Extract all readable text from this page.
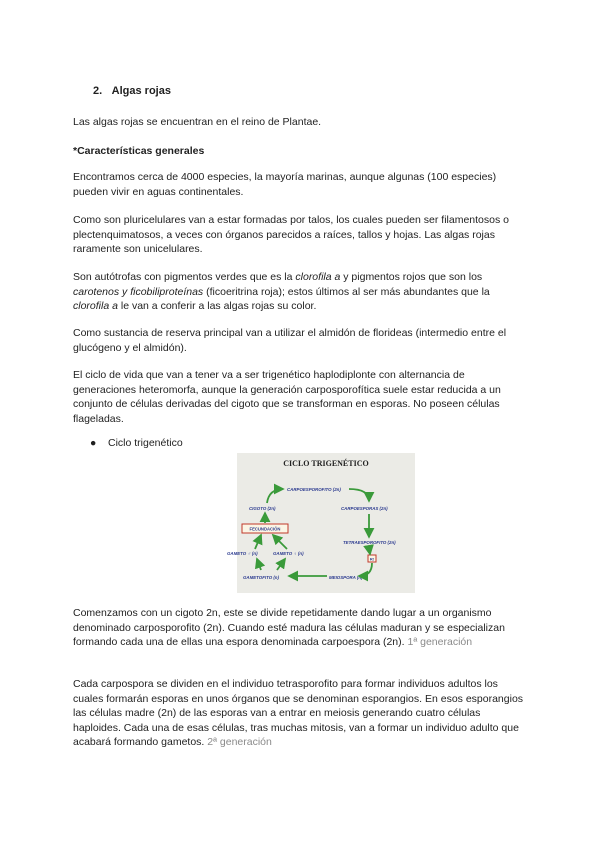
2. Algas rojas
Las algas rojas se encuentran en el reino de Plantae.
*Características generales
Encontramos cerca de 4000 especies, la mayoría marinas, aunque algunas (100 especies) pueden vivir en aguas continentales.
Como son pluricelulares van a estar formadas por talos, los cuales pueden ser filamentosos o plectenquimatosos, a veces con órganos parecidos a raíces, tallos y hojas. Las algas rojas raramente son unicelulares.
Son autótrofas con pigmentos verdes que es la clorofila a y pigmentos rojos que son los carotenos y ficobiliproteínas (ficoeritrina roja); estos últimos al ser más abundantes que la clorofila a le van a conferir a las algas rojas su color.
Como sustancia de reserva principal van a utilizar el almidón de florideas (intermedio entre el glucógeno y el almidón).
El ciclo de vida que van a tener va a ser trigenético haplodiplonte con alternancia de generaciones heteromorfa, aunque la generación carposporofítica suele estar reducida a un conjunto de células derivadas del cigoto que se transforman en esporas. No poseen células flageladas.
● Ciclo trigenético
CICLO TRIGENÉTICO
CARPOESPOROFITO (2n)
CARPOESPORAS (2n)
CIGOTO (2n)
FECUNDACIÓN
TETRAESPOROFITO (2n)
GAMETO ♂ (n)	GAMETO ♀ (n)
R!
GAMETOFITO (n)	MEIOSPORA (n)
Comenzamos con un cigoto 2n, este se divide repetidamente dando lugar a un organismo denominado carposporofito (2n). Cuando esté madura las células maduran y se especializan formando cada una de ellas una espora denominada carpoespora (2n). 1ª generación
Cada carpospora se dividen en el individuo tetrasporofito para formar individuos adultos los cuales formarán esporas en unos órganos que se denominan esporangios. En esos esporangios las células madre (2n) de las esporas van a entrar en meiosis generando cuatro células haploides. Cada una de esas células, tras muchas mitosis, van a formar un individuo adulto que acabará formando gametos. 2ª generación
